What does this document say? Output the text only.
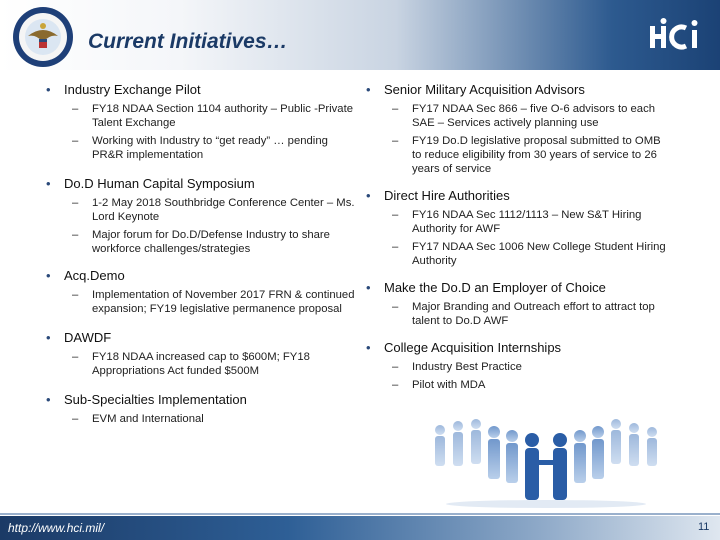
Current Initiatives…
• Industry Exchange Pilot
– FY18 NDAA Section 1104 authority – Public -Private Talent Exchange
– Working with Industry to “get ready” … pending PR&R implementation
• Do.D Human Capital Symposium
– 1-2 May 2018 Southbridge Conference Center – Ms. Lord Keynote
– Major forum for Do.D/Defense Industry to share workforce challenges/strategies
• Acq.Demo
– Implementation of November 2017 FRN & continued expansion; FY19 legislative permanence proposal
• DAWDF
– FY18 NDAA increased cap to $600M; FY18 Appropriations Act funded $500M
• Sub-Specialties Implementation
– EVM and International
• Senior Military Acquisition Advisors
– FY17 NDAA Sec 866 – five O-6 advisors to each SAE – Services actively planning use
– FY19 Do.D legislative proposal submitted to OMB to reduce eligibility from 30 years of service to 26 years of service
• Direct Hire Authorities
– FY16 NDAA Sec 1112/1113 – New S&T Hiring Authority for AWF
– FY17 NDAA Sec 1006 New College Student Hiring Authority
• Make the Do.D an Employer of Choice
– Major Branding and Outreach effort to attract top talent to Do.D AWF
• College Acquisition Internships
– Industry Best Practice
– Pilot with MDA
http://www.hci.mil/	11
